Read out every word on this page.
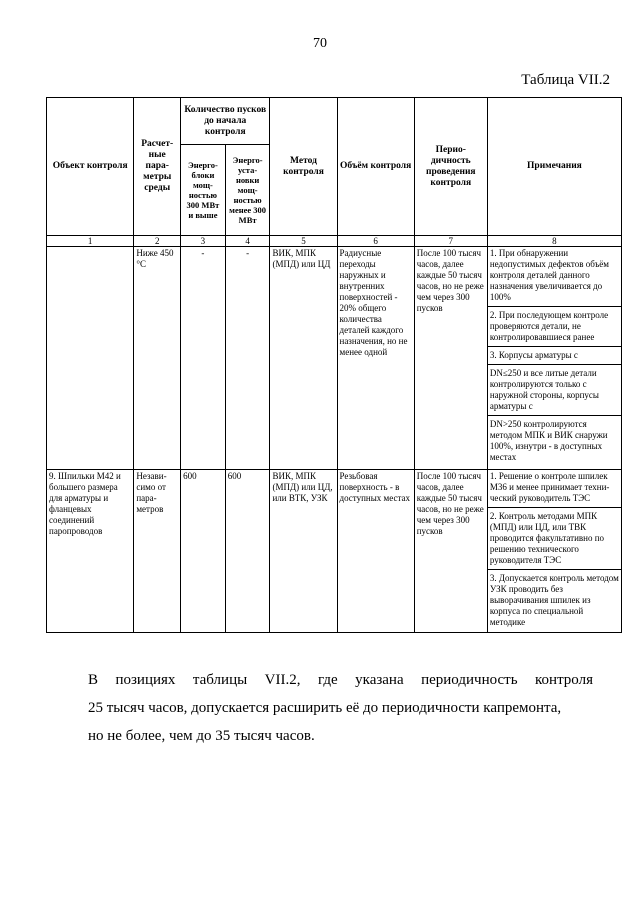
70
Таблица VII.2
Объект контроля	Расчет-ные пара-метры среды	Количество пусков до начала контроля		Метод контроля	Объём контроля	Перио-дичность проведения контроля	Примечания
		Энерго-блоки мощ-ностью 300 МВт и выше	Энерго-уста-новки мощ-ностью менее 300 МВт				
1	2	3	4	5	6	7	8
	Ниже 450 °С	-	-	ВИК, МПК (МПД) или ЦД	Радиусные переходы наружных и внутренних поверхностей - 20% общего количества деталей каждого назначения, но не менее одной	После 100 тысяч часов, далее каждые 50 тысяч часов, но не реже чем через 300 пусков	1. При обнаружении недопустимых дефектов объём контроля деталей данного назначения увеличивается до 100%
2. При последующем контроле проверяются детали, не контролировавшиеся ранее
3. Корпусы арматуры с
DN≤250 и все литые детали контролируются только с наружной стороны, корпусы арматуры с
DN>250 контролируются методом МПК и ВИК снаружи 100%, изнутри - в доступных местах

9. Шпильки М42 и большего размера для арматуры и фланцевых соединений паропроводов	Незави-симо от пара-метров	600	600	ВИК, МПК (МПД) или ЦД, или ВТК, УЗК	Резьбовая поверхность - в доступных местах	После 100 тысяч часов, далее каждые 50 тысяч часов, но не реже чем через 300 пусков	1. Решение о контроле шпилек М36 и менее принимает техни-ческий руководитель ТЭС
2. Контроль методами МПК (МПД) или ЦД, или ТВК проводится факультативно по решению технического руководителя ТЭС
3. Допускается контроль методом УЗК проводить без выворачивания шпилек из корпуса по специальной методике
В позициях таблицы VII.2, где указана периодичность контроля
25 тысяч часов, допускается расширить её до периодичности капремонта,
но не более, чем до 35 тысяч часов.
